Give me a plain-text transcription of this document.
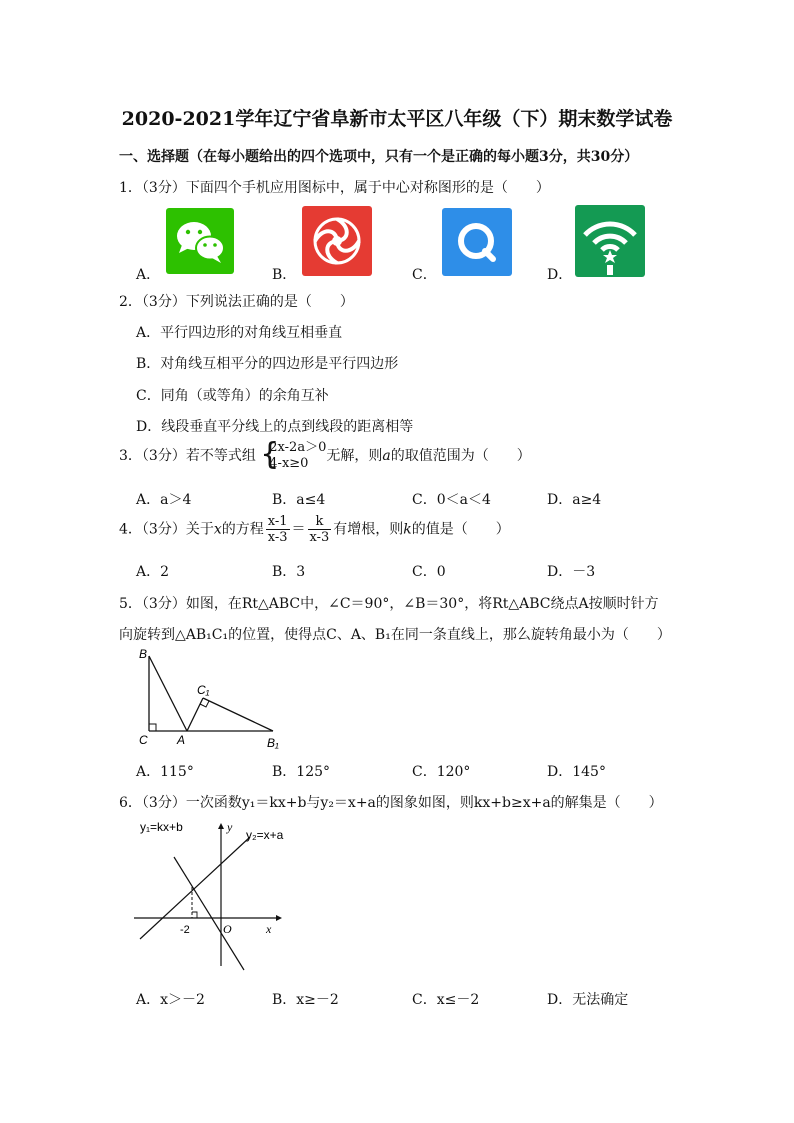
2020-2021学年辽宁省阜新市太平区八年级（下）期末数学试卷
一、选择题（在每小题给出的四个选项中，只有一个是正确的每小题3分，共30分）
1．（3分）下面四个手机应用图标中，属于中心对称图形的是（　　）
A．	B．	C．	D．
2．（3分）下列说法正确的是（　　）
A．平行四边形的对角线互相垂直
B．对角线互相平分的四边形是平行四边形
C．同角（或等角）的余角互补
D．线段垂直平分线上的点到线段的距离相等
3．（3分）若不等式组 {
2x-2a＞0
4-x≥0	无解，则a的取值范围为（　　）
A．a＞4	B．a≤4	C．0＜a＜4	D．a≥4
4．（3分）关于x的方程 $\frac{x-1}{x-3} = \frac{k}{x-3}$ 有增根，则k的值是（　　）
A．2	B．3	C．0	D．－3
5．（3分）如图，在Rt△ABC中，∠C＝90°，∠B＝30°，将Rt△ABC绕点A按顺时针方
向旋转到△AB₁C₁的位置，使得点C、A、B₁在同一条直线上，那么旋转角最小为（　　）
B
C₁
C A	B₁
A．115°	B．125°	C．120°	D．145°
6．（3分）一次函数y₁＝kx+b与y₂＝x+a的图象如图，则kx+b≥x+a的解集是（　　）
y₁=kx+b
y₂=x+a
y
x
O
-2
A．x＞－2	B．x≥－2	C．x≤－2	D．无法确定
